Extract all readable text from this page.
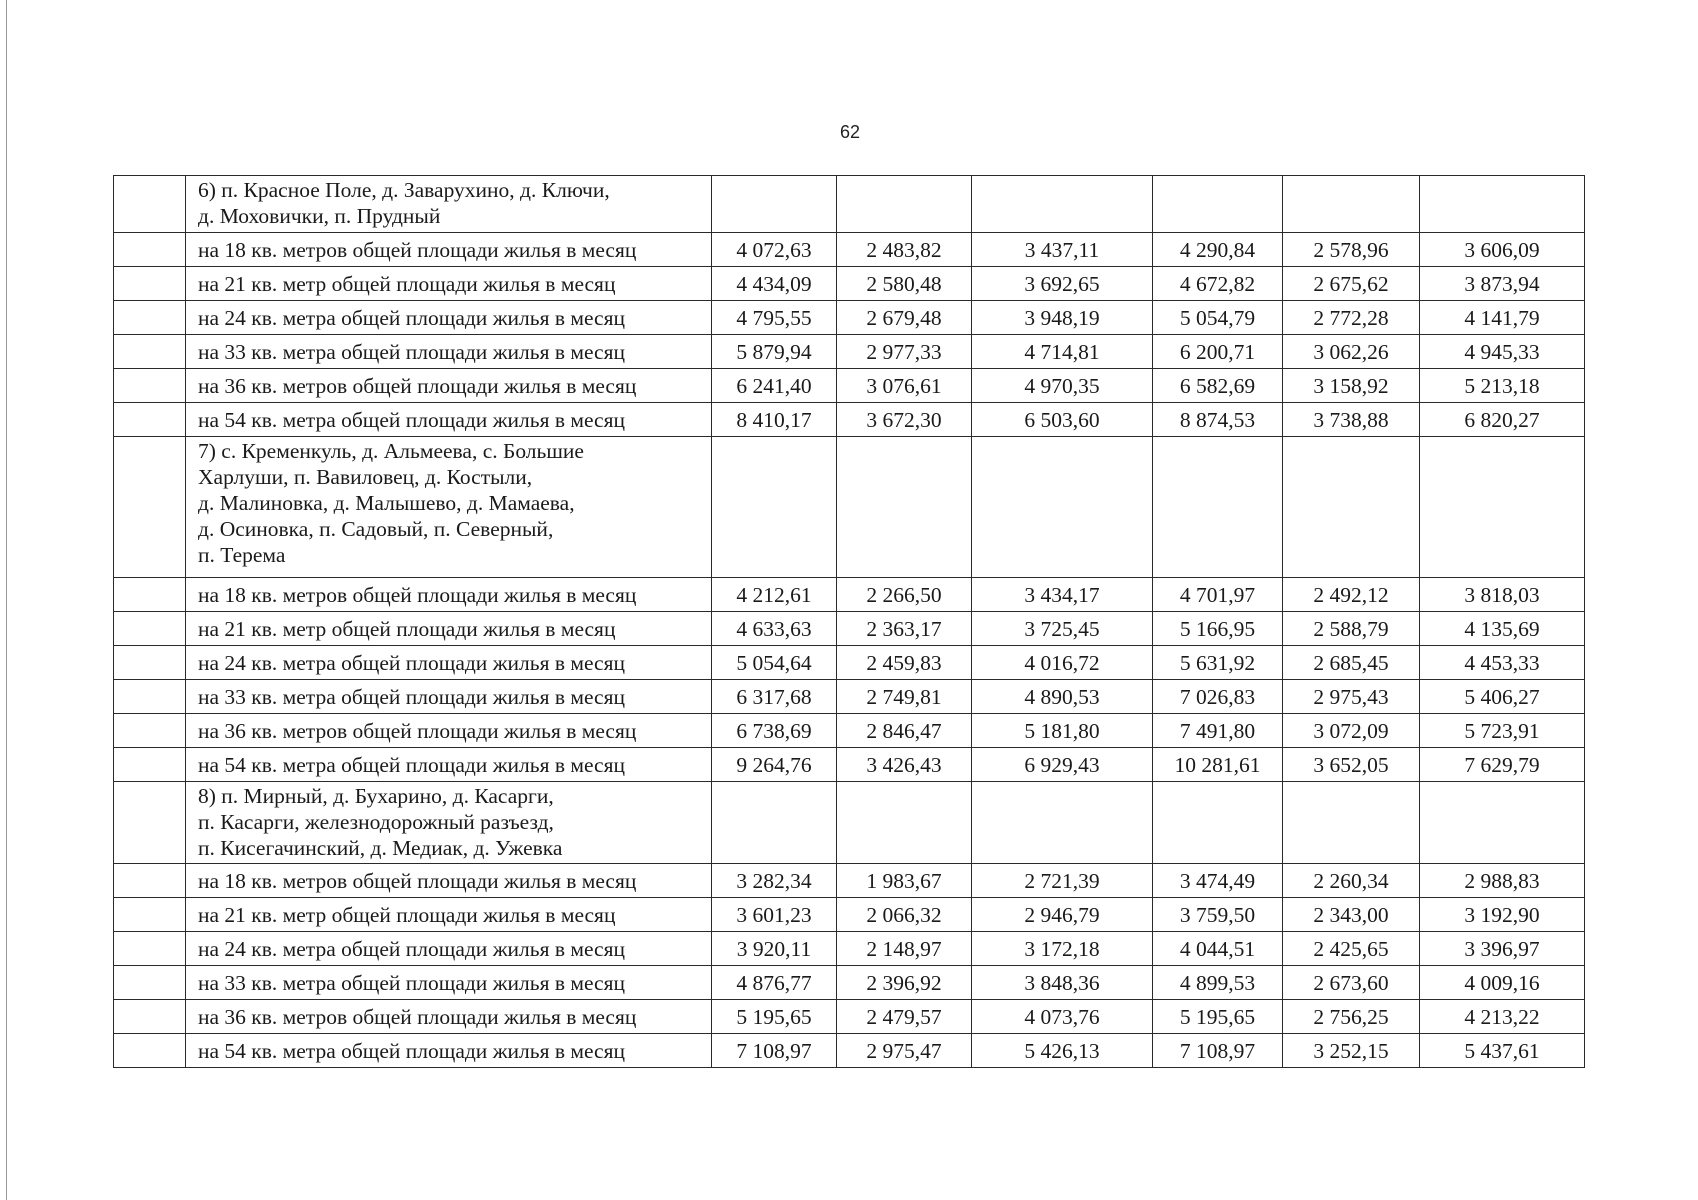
62

	6) п. Красное Поле, д. Заварухино, д. Ключи,
д. Моховички, п. Прудный						

	на 18 кв. метров общей площади жилья в месяц	4 072,63	2 483,82	3 437,11	4 290,84	2 578,96	3 606,09
	на 21 кв. метр общей площади жилья в месяц	4 434,09	2 580,48	3 692,65	4 672,82	2 675,62	3 873,94
	на 24 кв. метра общей площади жилья в месяц	4 795,55	2 679,48	3 948,19	5 054,79	2 772,28	4 141,79
	на 33 кв. метра общей площади жилья в месяц	5 879,94	2 977,33	4 714,81	6 200,71	3 062,26	4 945,33
	на 36 кв. метров общей площади жилья в месяц	6 241,40	3 076,61	4 970,35	6 582,69	3 158,92	5 213,18
	на 54 кв. метра общей площади жилья в месяц	8 410,17	3 672,30	6 503,60	8 874,53	3 738,88	6 820,27

	7) с. Кременкуль, д. Альмеева, с. Большие
Харлуши, п. Вавиловец, д. Костыли,
д. Малиновка, д. Малышево, д. Мамаева,
д. Осиновка, п. Садовый, п. Северный,
п. Терема						

	на 18 кв. метров общей площади жилья в месяц	4 212,61	2 266,50	3 434,17	4 701,97	2 492,12	3 818,03
	на 21 кв. метр общей площади жилья в месяц	4 633,63	2 363,17	3 725,45	5 166,95	2 588,79	4 135,69
	на 24 кв. метра общей площади жилья в месяц	5 054,64	2 459,83	4 016,72	5 631,92	2 685,45	4 453,33
	на 33 кв. метра общей площади жилья в месяц	6 317,68	2 749,81	4 890,53	7 026,83	2 975,43	5 406,27
	на 36 кв. метров общей площади жилья в месяц	6 738,69	2 846,47	5 181,80	7 491,80	3 072,09	5 723,91
	на 54 кв. метра общей площади жилья в месяц	9 264,76	3 426,43	6 929,43	10 281,61	3 652,05	7 629,79

	8) п. Мирный, д. Бухарино, д. Касарги,
п. Касарги, железнодорожный разъезд,
п. Кисегачинский, д. Медиак, д. Ужевка						

	на 18 кв. метров общей площади жилья в месяц	3 282,34	1 983,67	2 721,39	3 474,49	2 260,34	2 988,83
	на 21 кв. метр общей площади жилья в месяц	3 601,23	2 066,32	2 946,79	3 759,50	2 343,00	3 192,90
	на 24 кв. метра общей площади жилья в месяц	3 920,11	2 148,97	3 172,18	4 044,51	2 425,65	3 396,97
	на 33 кв. метра общей площади жилья в месяц	4 876,77	2 396,92	3 848,36	4 899,53	2 673,60	4 009,16
	на 36 кв. метров общей площади жилья в месяц	5 195,65	2 479,57	4 073,76	5 195,65	2 756,25	4 213,22
	на 54 кв. метра общей площади жилья в месяц	7 108,97	2 975,47	5 426,13	7 108,97	3 252,15	5 437,61
